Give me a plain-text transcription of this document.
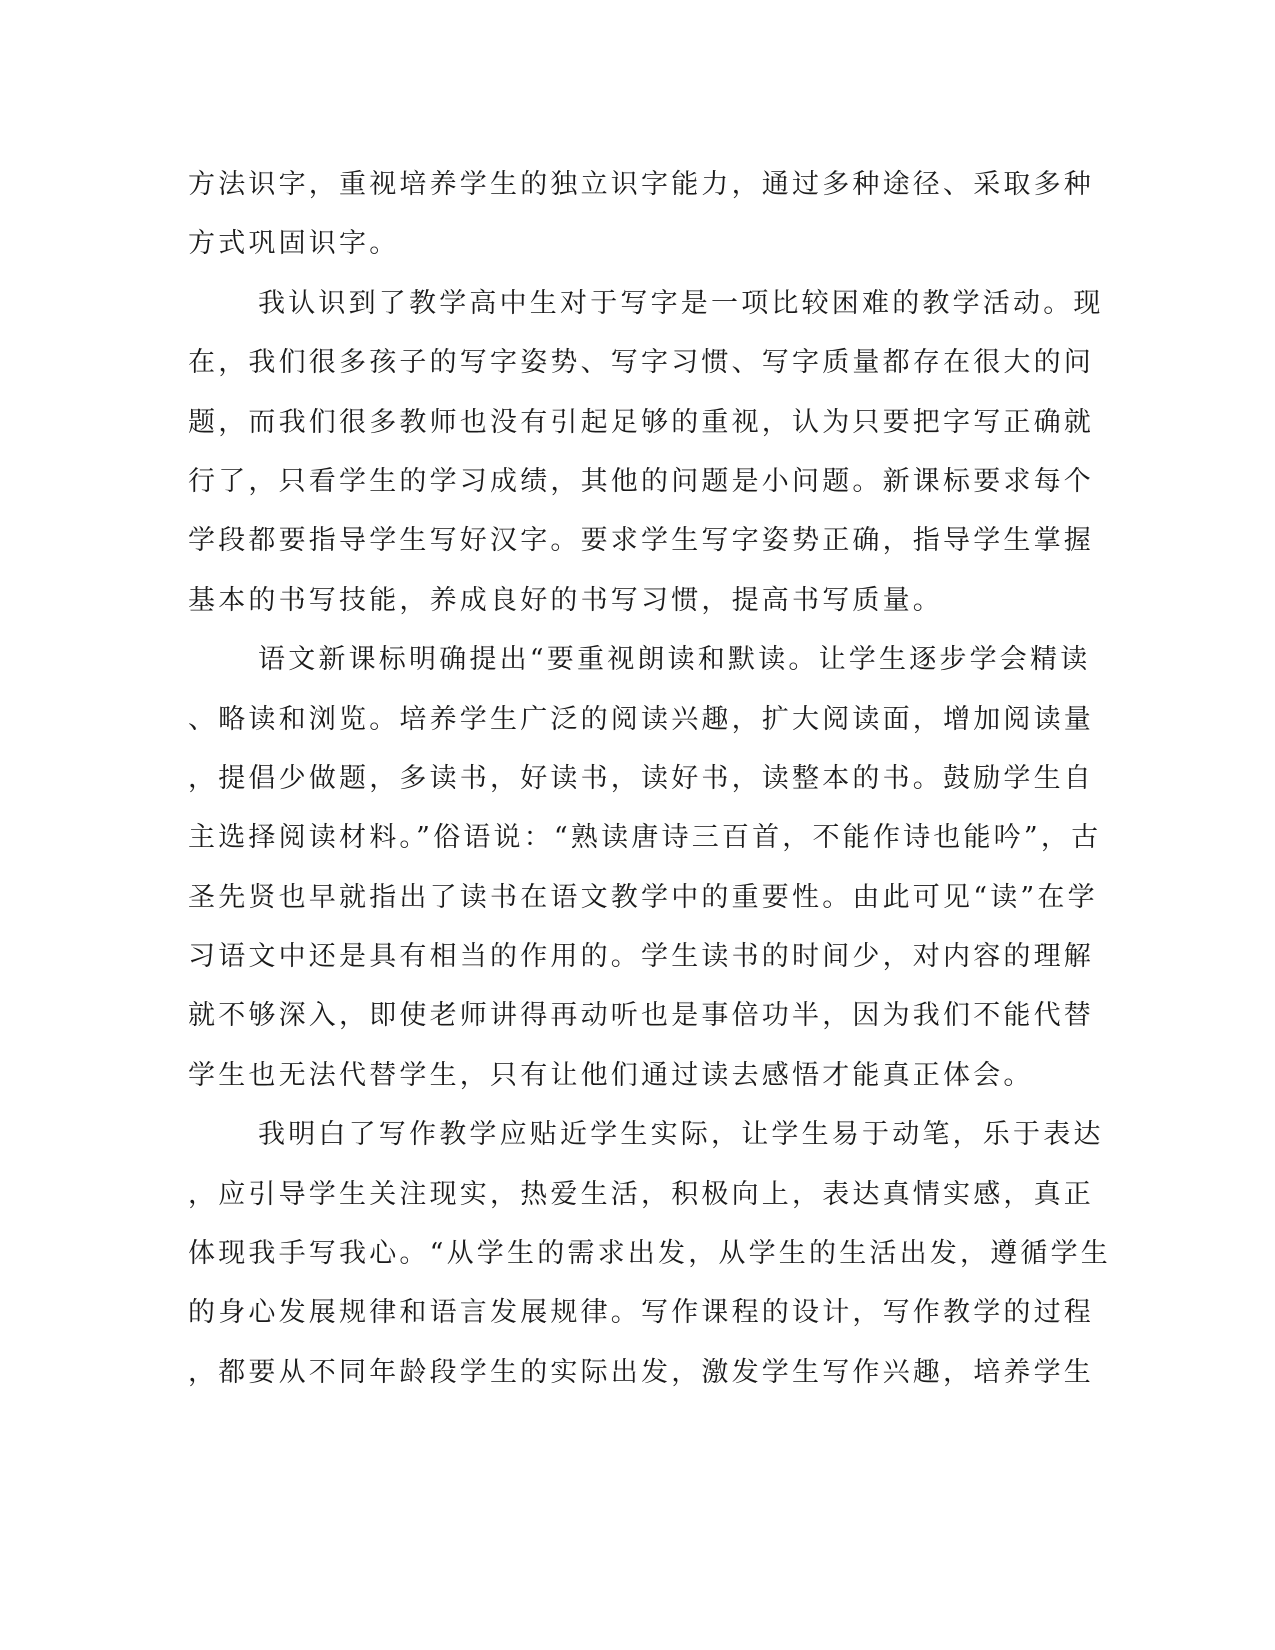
方法识字，重视培养学生的独立识字能力，通过多种途径、采取多种
方式巩固识字。
我认识到了教学高中生对于写字是一项比较困难的教学活动。现
在，我们很多孩子的写字姿势、写字习惯、写字质量都存在很大的问
题，而我们很多教师也没有引起足够的重视，认为只要把字写正确就
行了，只看学生的学习成绩，其他的问题是小问题。新课标要求每个
学段都要指导学生写好汉字。要求学生写字姿势正确，指导学生掌握
基本的书写技能，养成良好的书写习惯，提高书写质量。
语文新课标明确提出“要重视朗读和默读。让学生逐步学会精读
、略读和浏览。培养学生广泛的阅读兴趣，扩大阅读面，增加阅读量
，提倡少做题，多读书，好读书，读好书，读整本的书。鼓励学生自
主选择阅读材料。”俗语说：“熟读唐诗三百首，不能作诗也能吟”，古
圣先贤也早就指出了读书在语文教学中的重要性。由此可见“读”在学
习语文中还是具有相当的作用的。学生读书的时间少，对内容的理解
就不够深入，即使老师讲得再动听也是事倍功半，因为我们不能代替
学生也无法代替学生，只有让他们通过读去感悟才能真正体会。
我明白了写作教学应贴近学生实际，让学生易于动笔，乐于表达
，应引导学生关注现实，热爱生活，积极向上，表达真情实感，真正
体现我手写我心。“从学生的需求出发，从学生的生活出发，遵循学生
的身心发展规律和语言发展规律。写作课程的设计，写作教学的过程
，都要从不同年龄段学生的实际出发，激发学生写作兴趣，培养学生
